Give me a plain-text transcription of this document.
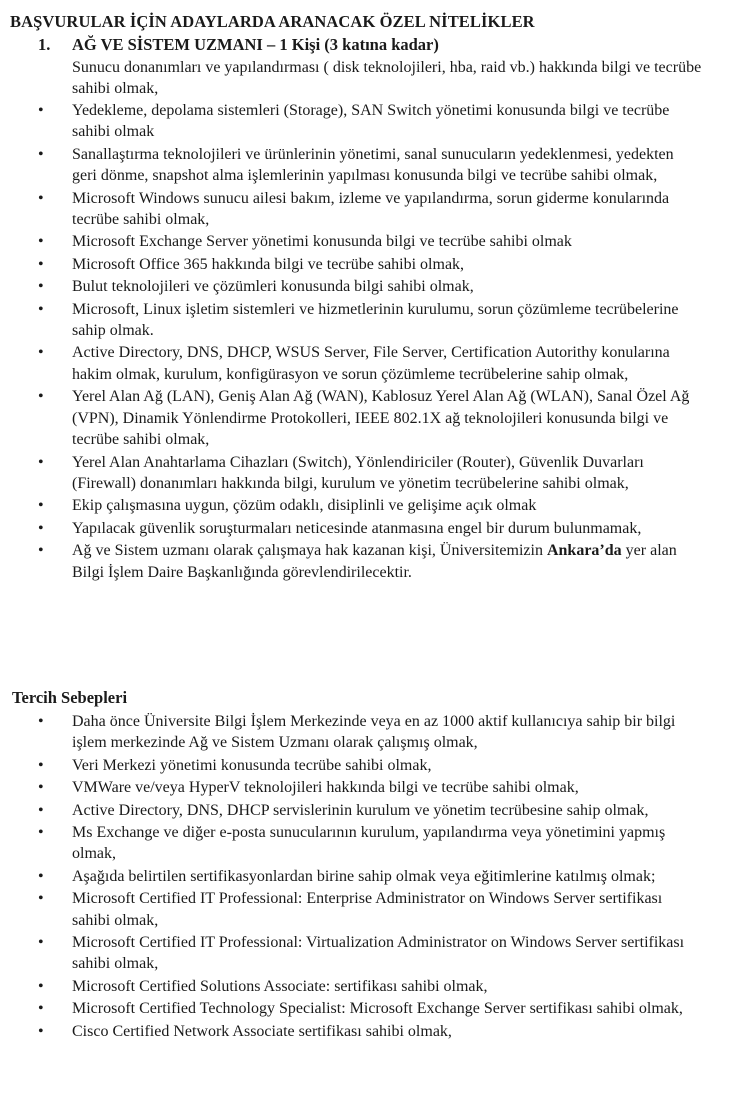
BAŞVURULAR İÇİN ADAYLARDA ARANACAK ÖZEL NİTELİKLER
1. AĞ VE SİSTEM UZMANI – 1 Kişi (3 katına kadar)
Sunucu donanımları ve yapılandırması ( disk teknolojileri, hba, raid vb.) hakkında bilgi ve tecrübe sahibi olmak,
• Yedekleme, depolama sistemleri (Storage), SAN Switch yönetimi konusunda bilgi ve tecrübe sahibi olmak
• Sanallaştırma teknolojileri ve ürünlerinin yönetimi, sanal sunucuların yedeklenmesi, yedekten geri dönme, snapshot alma işlemlerinin yapılması konusunda bilgi ve tecrübe sahibi olmak,
• Microsoft Windows sunucu ailesi bakım, izleme ve yapılandırma, sorun giderme konularında tecrübe sahibi olmak,
• Microsoft Exchange Server yönetimi konusunda bilgi ve tecrübe sahibi olmak
• Microsoft Office 365 hakkında bilgi ve tecrübe sahibi olmak,
• Bulut teknolojileri ve çözümleri konusunda bilgi sahibi olmak,
• Microsoft, Linux işletim sistemleri ve hizmetlerinin kurulumu, sorun çözümleme tecrübelerine sahip olmak.
• Active Directory, DNS, DHCP, WSUS Server, File Server, Certification Autorithy konularına hakim olmak, kurulum, konfigürasyon ve sorun çözümleme tecrübelerine sahip olmak,
• Yerel Alan Ağ (LAN), Geniş Alan Ağ (WAN), Kablosuz Yerel Alan Ağ (WLAN), Sanal Özel Ağ (VPN), Dinamik Yönlendirme Protokolleri, IEEE 802.1X ağ teknolojileri konusunda bilgi ve tecrübe sahibi olmak,
• Yerel Alan Anahtarlama Cihazları (Switch), Yönlendiriciler (Router), Güvenlik Duvarları (Firewall) donanımları hakkında bilgi, kurulum ve yönetim tecrübelerine sahibi olmak,
• Ekip çalışmasına uygun, çözüm odaklı, disiplinli ve gelişime açık olmak
• Yapılacak güvenlik soruşturmaları neticesinde atanmasına engel bir durum bulunmamak,
• Ağ ve Sistem uzmanı olarak çalışmaya hak kazanan kişi, Üniversitemizin Ankara’da yer alan Bilgi İşlem Daire Başkanlığında görevlendirilecektir.
Tercih Sebepleri
• Daha önce Üniversite Bilgi İşlem Merkezinde veya en az 1000 aktif kullanıcıya sahip bir bilgi işlem merkezinde Ağ ve Sistem Uzmanı olarak çalışmış olmak,
• Veri Merkezi yönetimi konusunda tecrübe sahibi olmak,
• VMWare ve/veya HyperV teknolojileri hakkında bilgi ve tecrübe sahibi olmak,
• Active Directory, DNS, DHCP servislerinin kurulum ve yönetim tecrübesine sahip olmak,
• Ms Exchange ve diğer e-posta sunucularının kurulum, yapılandırma veya yönetimini yapmış olmak,
• Aşağıda belirtilen sertifikasyonlardan birine sahip olmak veya eğitimlerine katılmış olmak;
• Microsoft Certified IT Professional: Enterprise Administrator on Windows Server sertifikası sahibi olmak,
• Microsoft Certified IT Professional: Virtualization Administrator on Windows Server sertifikası sahibi olmak,
• Microsoft Certified Solutions Associate: sertifikası sahibi olmak,
• Microsoft Certified Technology Specialist: Microsoft Exchange Server sertifikası sahibi olmak,
• Cisco Certified Network Associate sertifikası sahibi olmak,
